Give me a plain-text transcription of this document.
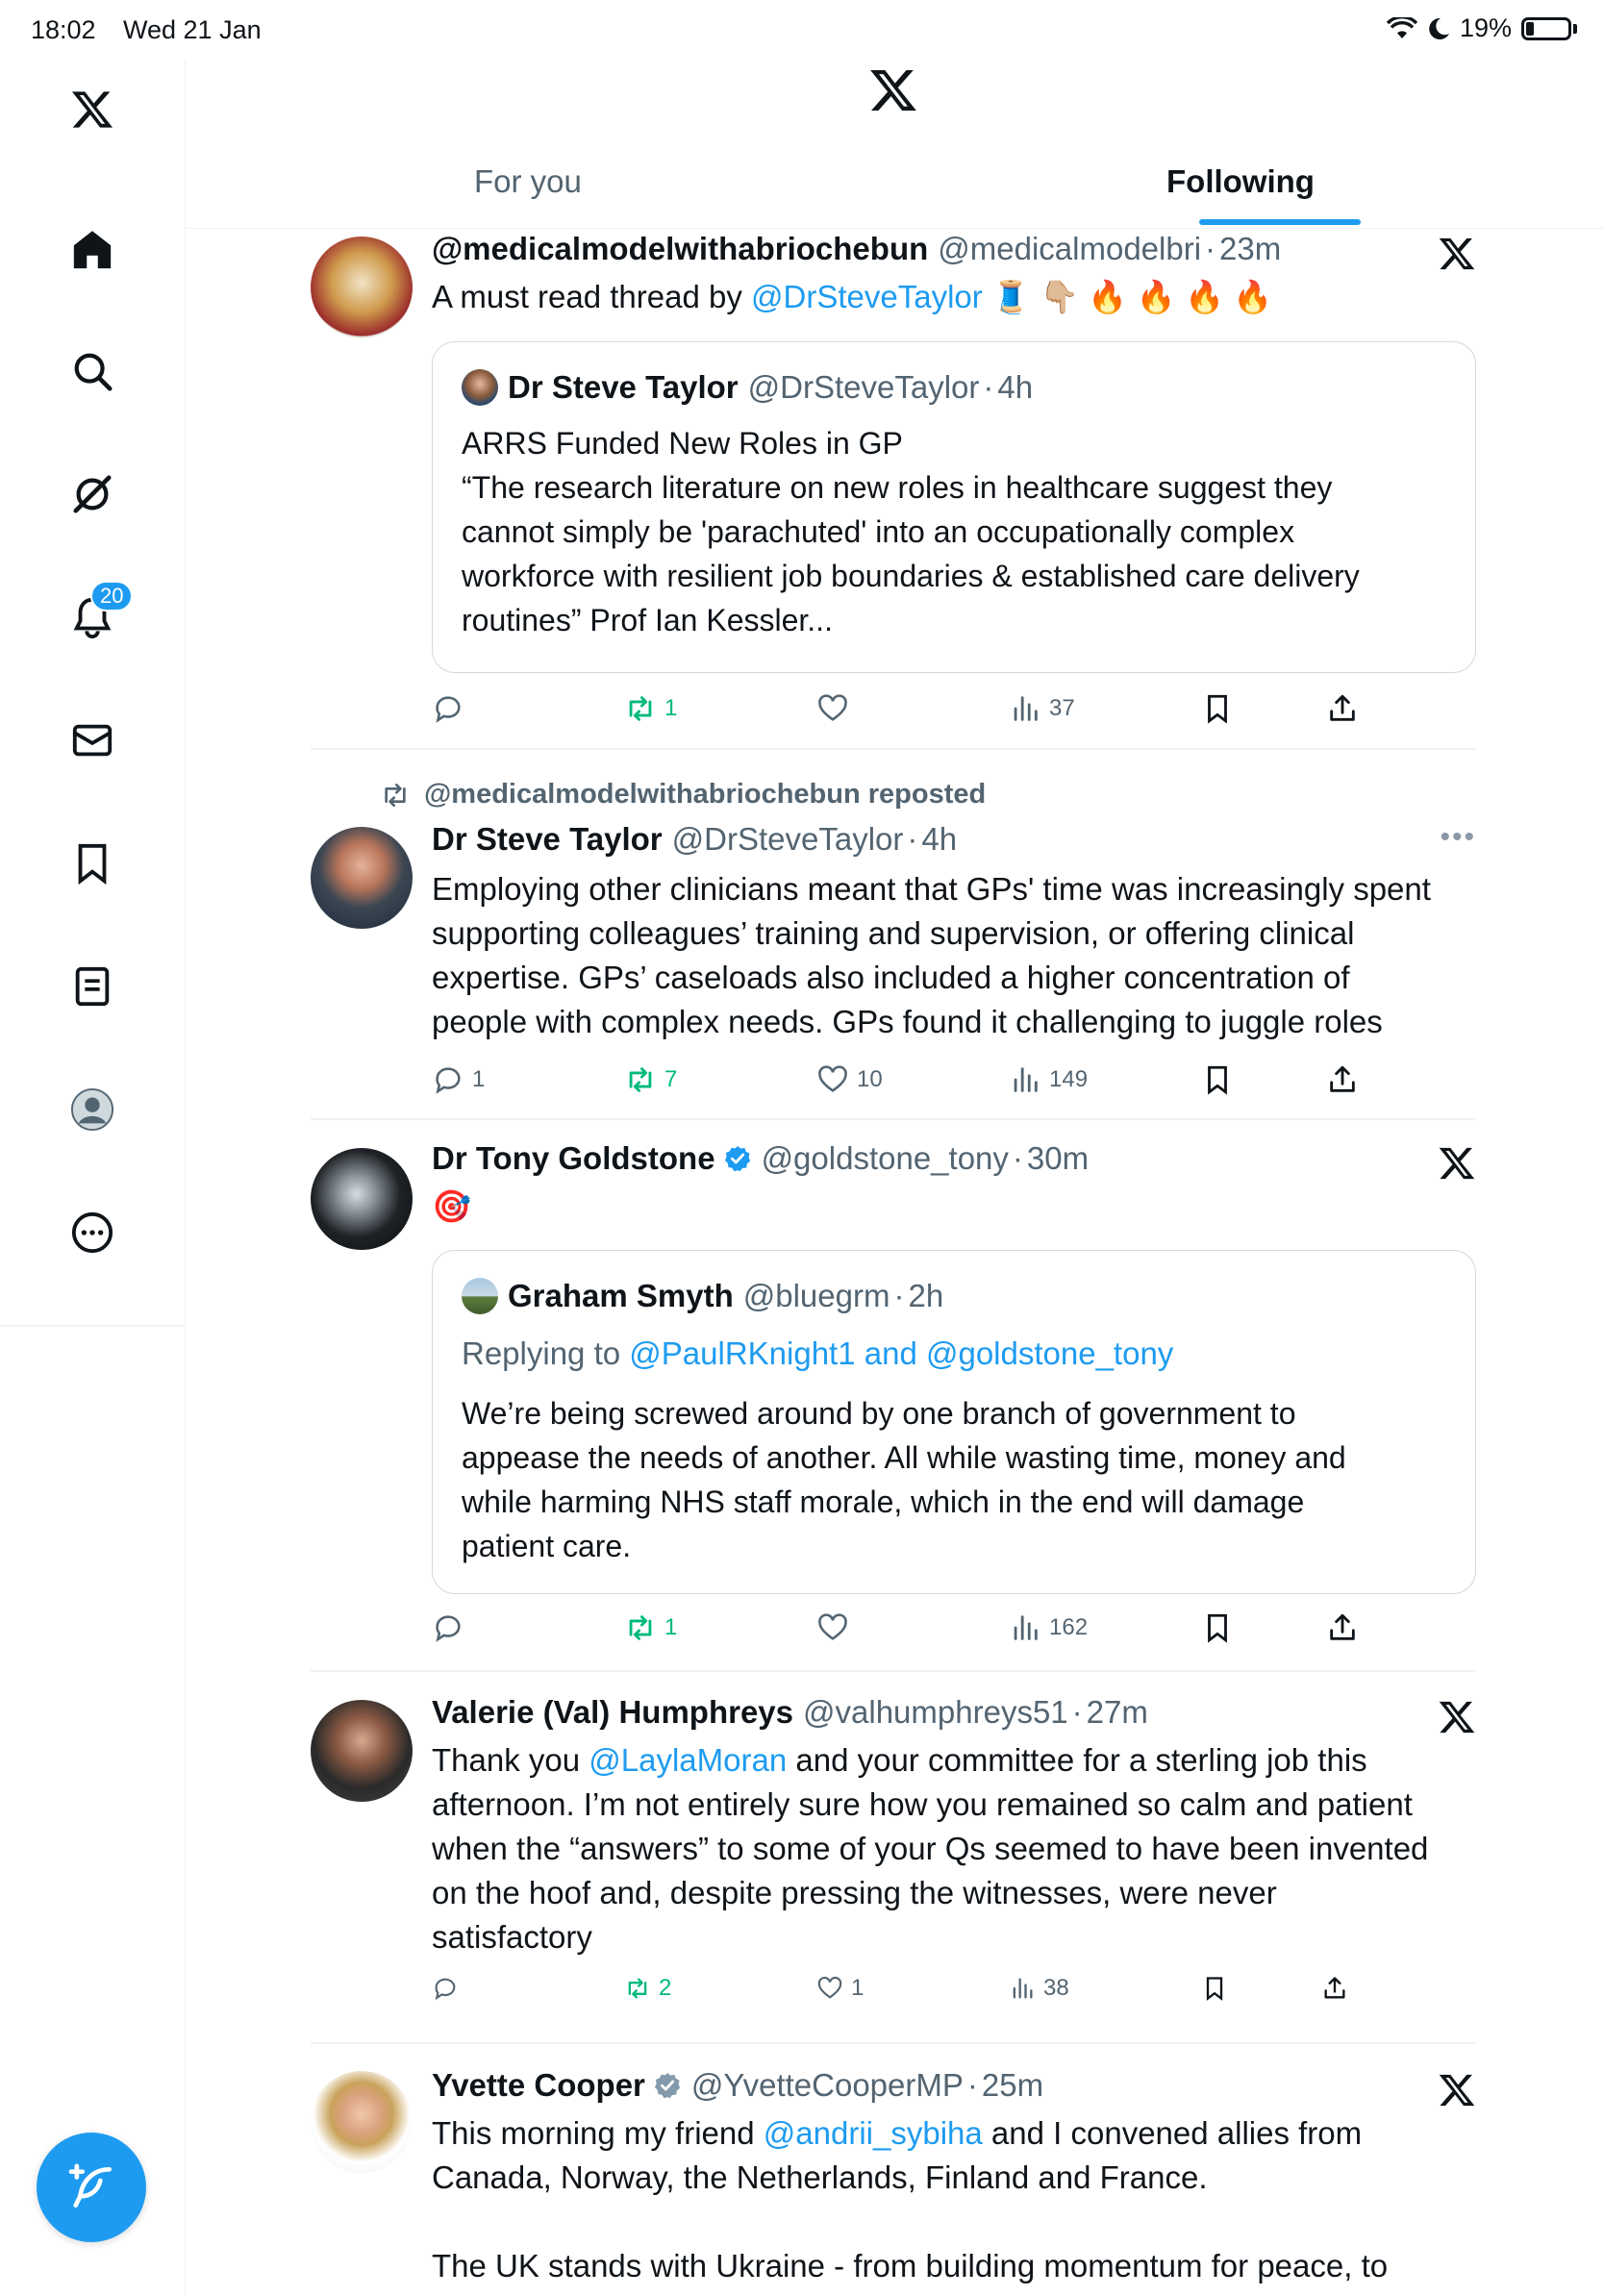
18:02 Wed 21 Jan	19%
20
For you	Following
@medicalmodelwithabriochebun @medicalmodelbri · 23m
A must read thread by @DrSteveTaylor 🧵 👇🏼 🔥 🔥 🔥 🔥
Dr Steve Taylor @DrSteveTaylor · 4h
ARRS Funded New Roles in GP
“The research literature on new roles in healthcare suggest they
cannot simply be 'parachuted' into an occupationally complex
workforce with resilient job boundaries & established care delivery
routines” Prof Ian Kessler...
1	37
@medicalmodelwithabriochebun reposted
Dr Steve Taylor @DrSteveTaylor · 4h	•••
Employing other clinicians meant that GPs' time was increasingly spent
supporting colleagues’ training and supervision, or offering clinical
expertise. GPs’ caseloads also included a higher concentration of
people with complex needs. GPs found it challenging to juggle roles
1	7	10	149
Dr Tony Goldstone @goldstone_tony · 30m
🎯
Graham Smyth @bluegrm · 2h
Replying to @PaulRKnight1 and @goldstone_tony
We’re being screwed around by one branch of government to
appease the needs of another. All while wasting time, money and
while harming NHS staff morale, which in the end will damage
patient care.
1	162
Valerie (Val) Humphreys @valhumphreys51 · 27m
Thank you @LaylaMoran and your committee for a sterling job this
afternoon. I’m not entirely sure how you remained so calm and patient
when the “answers” to some of your Qs seemed to have been invented
on the hoof and, despite pressing the witnesses, were never
satisfactory
2	1	38
Yvette Cooper @YvetteCooperMP · 25m
This morning my friend @andrii_sybiha and I convened allies from
Canada, Norway, the Netherlands, Finland and France.
The UK stands with Ukraine - from building momentum for peace, to
